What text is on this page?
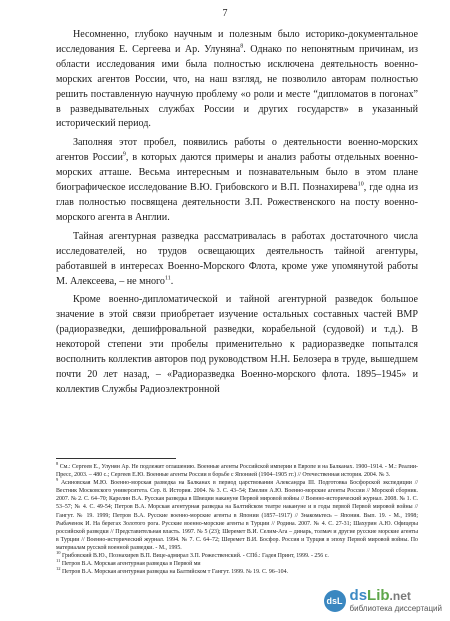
7

Несомненно, глубоко научным и полезным было историко-документальное исследования Е. Сергеева и Ар. Улуняна$^8$. Однако по непонятным причинам, из области исследования ими была полностью исключена деятельность военно-морских агентов России, что, на наш взгляд, не позволило авторам полностью решить поставленную научную проблему «о роли и месте “дипломатов в погонах” в разведывательных службах России и других государств» в указанный исторический период.

Заполняя этот пробел, появились работы о деятельности военно-морских агентов России$^9$, в которых даются примеры и анализ работы отдельных военно-морских атташе. Весьма интересным и познавательным было в этом плане биографическое исследование В.Ю. Грибовского и В.П. Познахирева$^{10}$, где одна из глав полностью посвящена деятельности З.П. Рожественского на посту военно-морского агента в Англии.

Тайная агентурная разведка рассматривалась в работах достаточного числа исследователей, но трудов освещающих деятельность тайной агентуры, работавшей в интересах Военно-Морского Флота, кроме уже упомянутой работы М. Алексеева, – не много$^{11}$.

Кроме военно-дипломатической и тайной агентурной разведок большое значение в этой связи приобретает изучение остальных составных частей ВМР (радиоразведки, дешифровальной разведки, корабельной (судовой) и т.д.). В некоторой степени эти пробелы применительно к радиоразведке попытался восполнить коллектив авторов под руководством Н.Н. Белозера в труде, вышедшем почти 20 лет назад, – «Радиоразведка Военно-морского флота. 1895–1945» и коллектив Службы Радиоэлектронной

$^8$ См.: Сергеев Е., Улунян Ар. Не подлежит оглашению. Военные агенты Российской империи в Европе и на Балканах. 1900–1914. - М.: Реалии-Пресс, 2003. – 480 с.; Сергеев Е.Ю. Военные агенты России в борьбе с Японией (1904–1905 гг.) // Отечественная история. 2004. № 3.

$^9$ Асиновская М.Ю. Военно-морская разведка на Балканах в период царствования Александра III. Подготовка Босфорской экспедиции // Вестник Московского университета. Сер. 8. История. 2004. № 3. С. 43–54; Емелин А.Ю. Военно-морские агенты России // Морской сборник. 2007. № 2. С. 64–70; Карелин В.А. Русская разведка в Швеции накануне Первой мировой войны // Военно-исторический журнал. 2008. № 1. С. 53–57; № 4. С. 49-54; Петров В.А. Морская агентурная разведка на Балтийском театре накануне и в годы первой Первой мировой войны // Гангут. № 19. 1999; Петров В.А. Русские военно-морские агенты в Японии (1857–1917) // Знакомьтесь – Япония. Вып. 19. - М., 1998; Рыбаченок И. На берегах Золотого рога. Русские военно-морские агенты в Турции // Родина. 2007. № 4. С. 27-31; Шахурин А.Ю. Офицеры российской разведки // Представительная власть. 1997. № 5 (23); Шеремет В.И. Селим-Ага – динарь, толмач и другие русские морские агенты в Турции // Военно-исторический журнал. 1994. № 7. С. 64–72; Шеремет В.И. Босфор. Россия и Турция в эпоху Первой мировой войны. По материалам русской военной разведки. - М., 1995.

$^{10}$ Грибовский В.Ю., Познахирев В.П. Вице-адмирал З.П. Рожественский. - СПб.: Гадея Принт, 1999. - 256 с.

$^{11}$ Петров В.А. Морская агентурная разведка в Первой ми

$^{12}$ Петров В.А. Морская агентурная разведка на Балтийском т Гангут. 1999. № 19. С. 96–104.

dsL dsLib.net
библиотека диссертаций
